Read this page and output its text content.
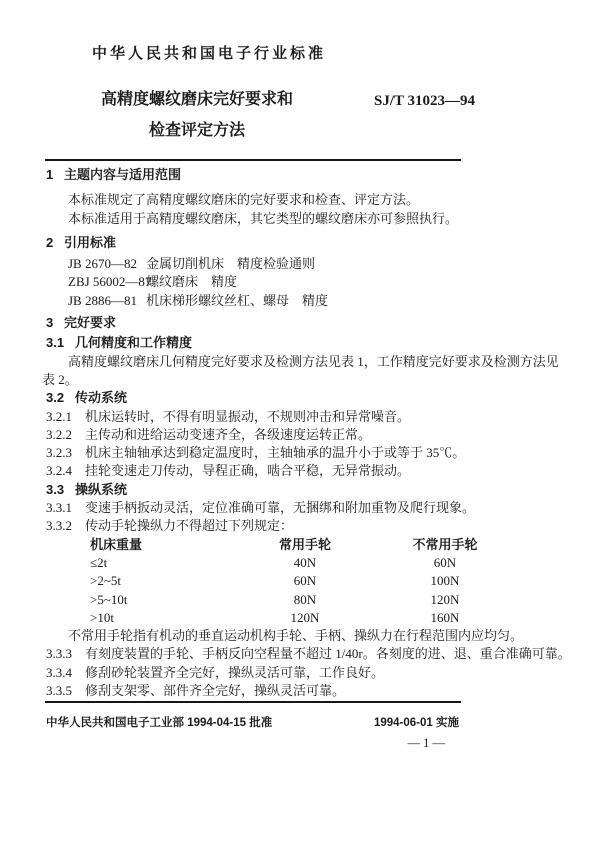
中华人民共和国电子行业标准
高精度螺纹磨床完好要求和
检查评定方法
SJ/T 31023—94
1 主题内容与适用范围
本标准规定了高精度螺纹磨床的完好要求和检查、评定方法。
本标准适用于高精度螺纹磨床，其它类型的螺纹磨床亦可参照执行。
2 引用标准
JB 2670—82 金属切削机床 精度检验通则
ZBJ 56002—87螺纹磨床 精度
JB 2886—81 机床梯形螺纹丝杠、螺母 精度
3 完好要求
3.1 几何精度和工作精度
高精度螺纹磨床几何精度完好要求及检测方法见表 1，工作精度完好要求及检测方法见
表 2。
3.2 传动系统
3.2.1 机床运转时，不得有明显振动，不规则冲击和异常噪音。
3.2.2 主传动和进给运动变速齐全，各级速度运转正常。
3.2.3 机床主轴轴承达到稳定温度时，主轴轴承的温升小于或等于 35℃。
3.2.4 挂轮变速走刀传动，导程正确，啮合平稳，无异常振动。
3.3 操纵系统
3.3.1 变速手柄扳动灵活，定位准确可靠，无捆绑和附加重物及爬行现象。
3.3.2 传动手轮操纵力不得超过下列规定：
机床重量	常用手轮	不常用手轮
≤2t	40N	60N
>2~5t	60N	100N
>5~10t	80N	120N
>10t	120N	160N
不常用手轮指有机动的垂直运动机构手轮、手柄、操纵力在行程范围内应均匀。
3.3.3 有刻度装置的手轮、手柄反向空程量不超过 1/40r。各刻度的进、退、重合准确可靠。
3.3.4 修刮砂轮装置齐全完好，操纵灵活可靠，工作良好。
3.3.5 修刮支架零、部件齐全完好，操纵灵活可靠。
中华人民共和国电子工业部 1994-04-15 批准	1994-06-01 实施
— 1 —
